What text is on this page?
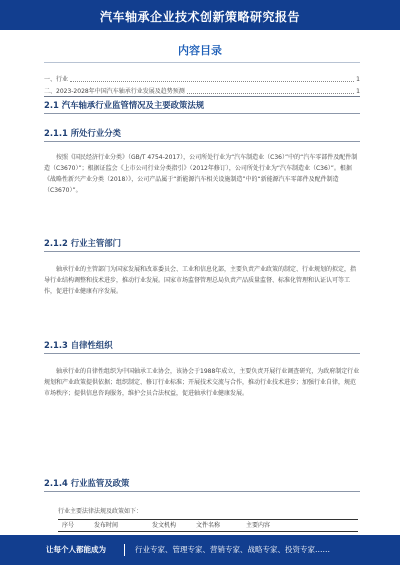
汽车轴承企业技术创新策略研究报告
内容目录
一、行业	1
二、2023-2028年中国汽车轴承行业发展及趋势预测	1
2.1 汽车轴承行业监管情况及主要政策法规
2.1.1 所处行业分类
按照《国民经济行业分类》（GB/T 4754-2017），公司所处行业为“汽车制造业（C36）”中的“汽车零部件及配件制造（C3670）”；根据证监会《上市公司行业分类指引》（2012年修订），公司所处行业为“汽车制造业（C36）”。根据《战略性新兴产业分类（2018）》，公司产品属于“新能源汽车相关设施制造”中的“新能源汽车零部件及配件制造（C3670）”。
2.1.2 行业主管部门
轴承行业的主管部门为国家发展和改革委员会、工业和信息化部，主要负责产业政策的制定、行业规划的拟定，指导行业结构调整和技术进步，推动行业发展。国家市场监督管理总局负责产品质量监督、标准化管理和认证认可等工作，促进行业健康有序发展。
2.1.3 自律性组织
轴承行业的自律性组织为中国轴承工业协会，该协会于1988年成立，主要负责开展行业调查研究，为政府制定行业规划和产业政策提供依据；组织制定、修订行业标准；开展技术交流与合作，推动行业技术进步；加强行业自律，规范市场秩序；提供信息咨询服务，维护会员合法权益，促进轴承行业健康发展。
2.1.4 行业监管及政策
行业主要法律法规及政策如下：
序号	发布时间	发文机构	文件名称	主要内容
让每个人都能成为	行业专家、管理专家、营销专家、战略专家、投资专家……
